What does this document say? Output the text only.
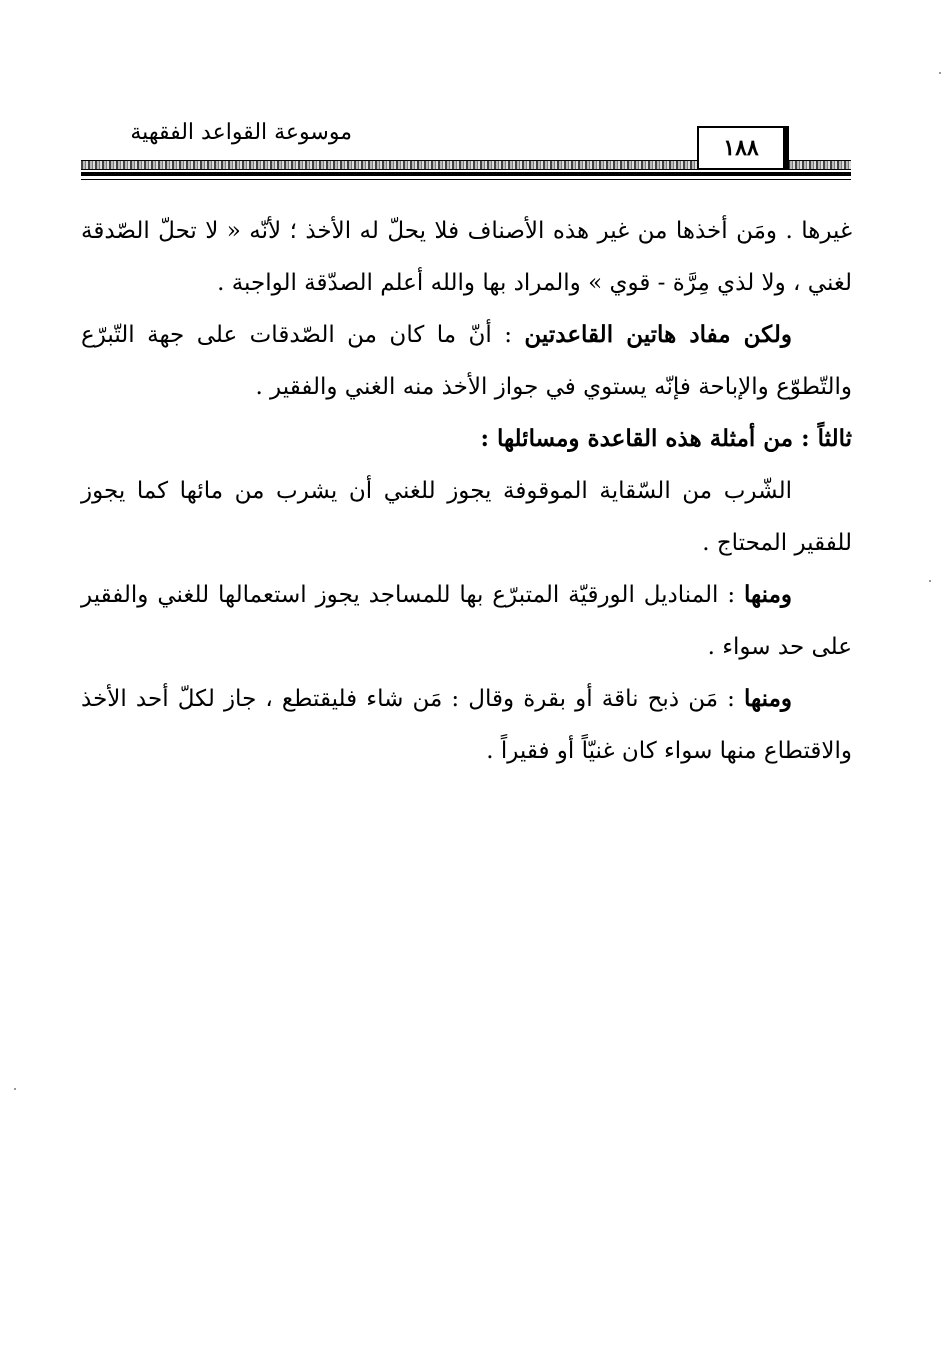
موسوعة القواعد الفقهية
١٨٨

غيرها . ومَن أخذها من غير هذه الأصناف فلا يحلّ له الأخذ ؛ لأنّه « لا تحلّ الصّدقة لغني ، ولا لذي مِرَّة - قوي » والمراد بها والله أعلم الصدّقة الواجبة .

ولكن مفاد هاتين القاعدتين : أنّ ما كان من الصّدقات على جهة التّبرّع والتّطوّع والإباحة فإنّه يستوي في جواز الأخذ منه الغني والفقير .

ثالثاً : من أمثلة هذه القاعدة ومسائلها :

الشّرب من السّقاية الموقوفة يجوز للغني أن يشرب من مائها كما يجوز للفقير المحتاج .

ومنها : المناديل الورقيّة المتبرّع بها للمساجد يجوز استعمالها للغني والفقير على حد سواء .

ومنها : مَن ذبح ناقة أو بقرة وقال : مَن شاء فليقتطع ، جاز لكلّ أحد الأخذ والاقتطاع منها سواء كان غنيّاً أو فقيراً .
